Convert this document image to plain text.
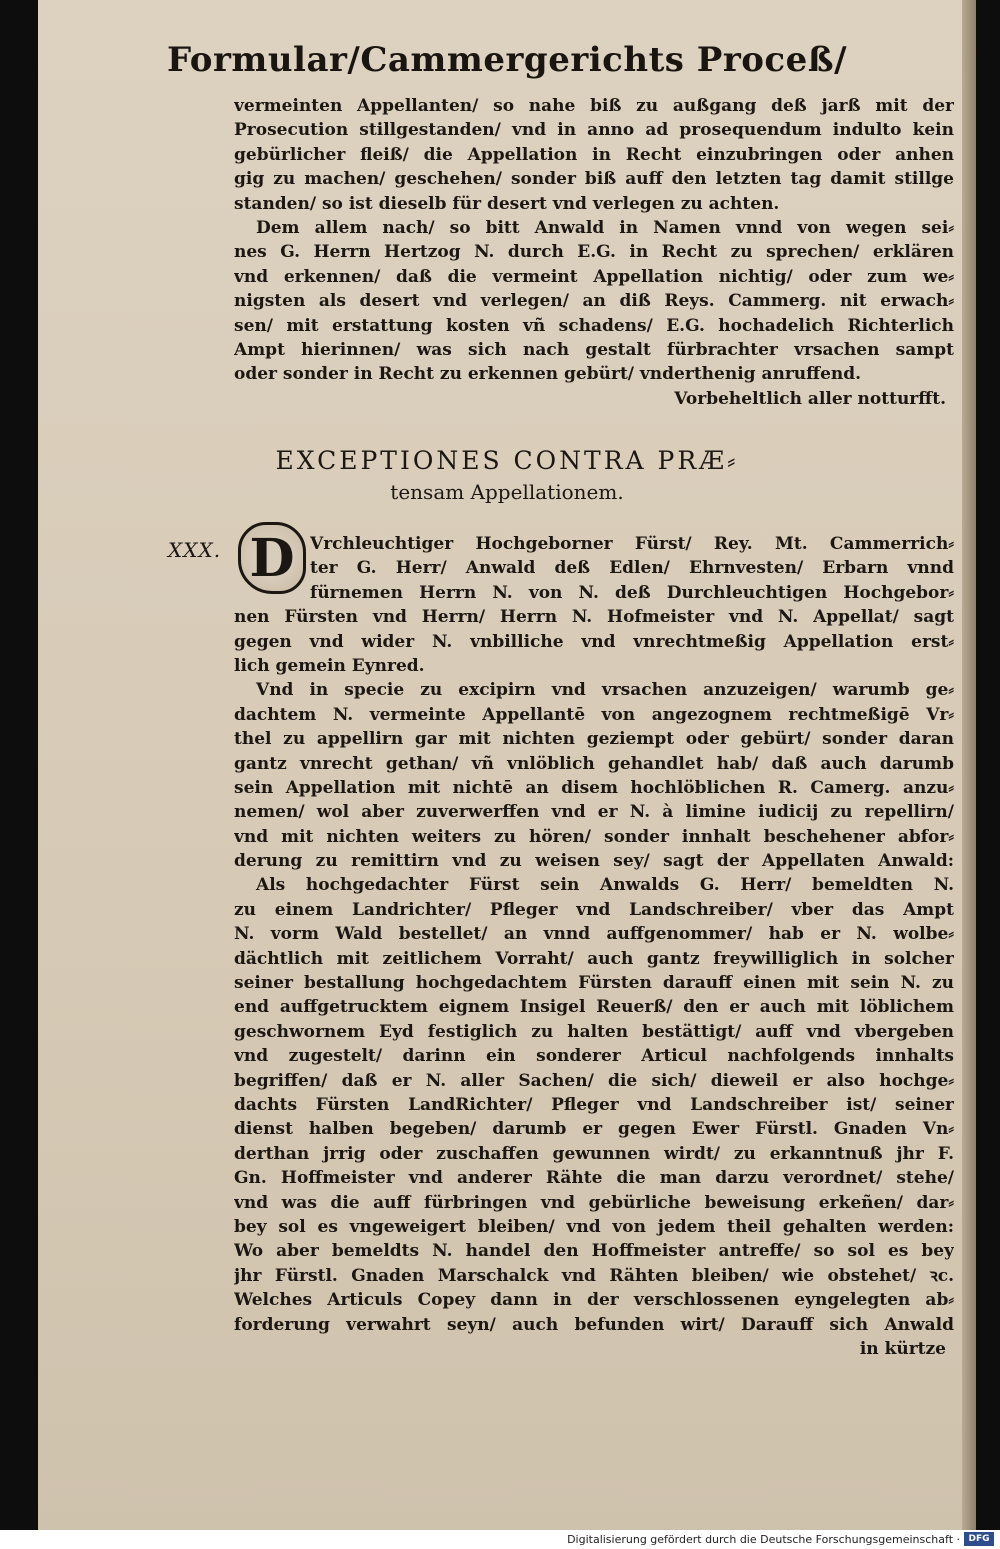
Formular/Cammergerichts Proceß/
vermeinten Appellanten/ so nahe biß zu außgang deß jarß mit der
Prosecution stillgestanden/ vnd in anno ad prosequendum indulto kein
gebürlicher fleiß/ die Appellation in Recht einzubringen oder anhen
gig zu machen/ geschehen/ sonder biß auff den letzten tag damit stillge
standen/ so ist dieselb für desert vnd verlegen zu achten.
Dem allem nach/ so bitt Anwald in Namen vnnd von wegen sei⸗
nes G. Herrn Hertzog N. durch E.G. in Recht zu sprechen/ erklären
vnd erkennen/ daß die vermeint Appellation nichtig/ oder zum we⸗
nigsten als desert vnd verlegen/ an diß Reys. Cammerg. nit erwach⸗
sen/ mit erstattung kosten vñ schadens/ E.G. hochadelich Richterlich
Ampt hierinnen/ was sich nach gestalt fürbrachter vrsachen sampt
oder sonder in Recht zu erkennen gebürt/ vnderthenig anruffend.
Vorbeheltlich aller notturfft.
EXCEPTIONES CONTRA PRÆ⸗
tensam Appellationem.
XXX. D Vrchleuchtiger Hochgeborner Fürst/ Rey. Mt. Cammerrich⸗
ter G. Herr/ Anwald deß Edlen/ Ehrnvesten/ Erbarn vnnd
fürnemen Herrn N. von N. deß Durchleuchtigen Hochgebor⸗
nen Fürsten vnd Herrn/ Herrn N. Hofmeister vnd N. Appellat/ sagt
gegen vnd wider N. vnbilliche vnd vnrechtmeßig Appellation erst⸗
lich gemein Eynred.
Vnd in specie zu excipirn vnd vrsachen anzuzeigen/ warumb ge⸗
dachtem N. vermeinte Appellantē von angezognem rechtmeßigē Vr⸗
thel zu appellirn gar mit nichten geziempt oder gebürt/ sonder daran
gantz vnrecht gethan/ vñ vnlöblich gehandlet hab/ daß auch darumb
sein Appellation mit nichtē an disem hochlöblichen R. Camerg. anzu⸗
nemen/ wol aber zuverwerffen vnd er N. à limine iudicij zu repellirn/
vnd mit nichten weiters zu hören/ sonder innhalt beschehener abfor⸗
derung zu remittirn vnd zu weisen sey/ sagt der Appellaten Anwald:
Als hochgedachter Fürst sein Anwalds G. Herr/ bemeldten N.
zu einem Landrichter/ Pfleger vnd Landschreiber/ vber das Ampt
N. vorm Wald bestellet/ an vnnd auffgenommer/ hab er N. wolbe⸗
dächtlich mit zeitlichem Vorraht/ auch gantz freywilliglich in solcher
seiner bestallung hochgedachtem Fürsten darauff einen mit sein N. zu
end auffgetrucktem eignem Insigel Reuerß/ den er auch mit löblichem
geschwornem Eyd festiglich zu halten bestättigt/ auff vnd vbergeben
vnd zugestelt/ darinn ein sonderer Articul nachfolgends innhalts
begriffen/ daß er N. aller Sachen/ die sich/ dieweil er also hochge⸗
dachts Fürsten LandRichter/ Pfleger vnd Landschreiber ist/ seiner
dienst halben begeben/ darumb er gegen Ewer Fürstl. Gnaden Vn⸗
derthan jrrig oder zuschaffen gewunnen wirdt/ zu erkanntnuß jhr F.
Gn. Hoffmeister vnd anderer Rähte die man darzu verordnet/ stehe/
vnd was die auff fürbringen vnd gebürliche beweisung erkeñen/ dar⸗
bey sol es vngeweigert bleiben/ vnd von jedem theil gehalten werden:
Wo aber bemeldts N. handel den Hoffmeister antreffe/ so sol es bey
jhr Fürstl. Gnaden Marschalck vnd Rähten bleiben/ wie obstehet/ ꝛc.
Welches Articuls Copey dann in der verschlossenen eyngelegten ab⸗
forderung verwahrt seyn/ auch befunden wirt/ Darauff sich Anwald
in kürtze
Digitalisierung gefördert durch die Deutsche Forschungsgemeinschaft · DFG
